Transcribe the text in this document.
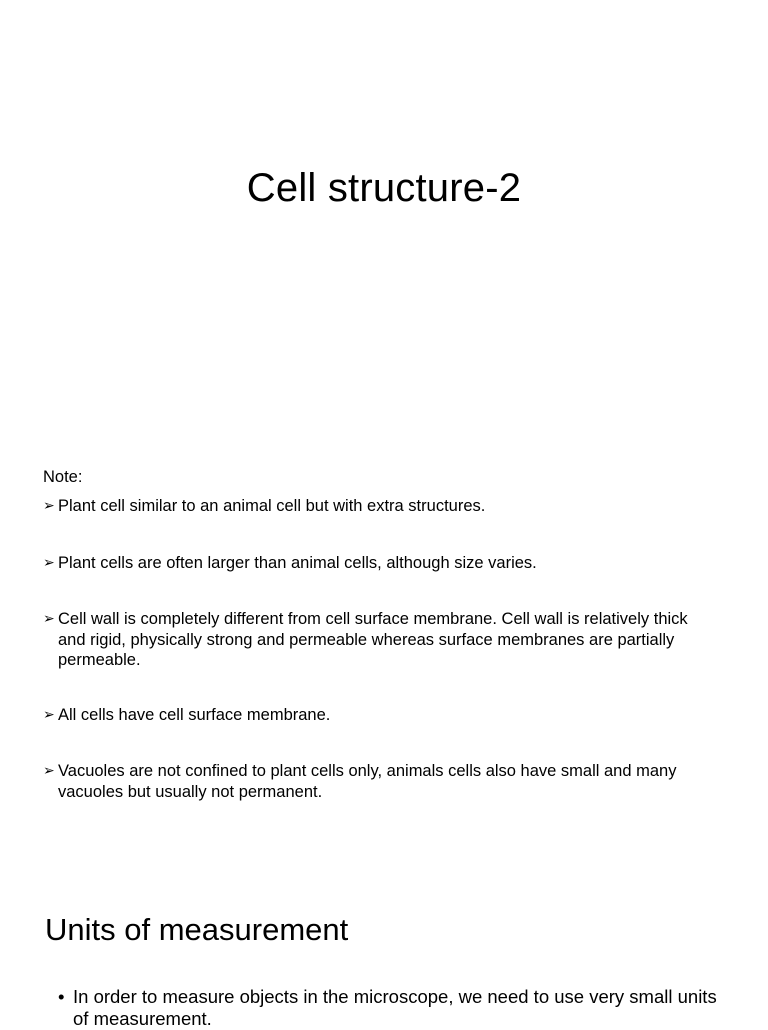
Cell structure-2

Note:

➢ Plant cell similar to an animal cell but with extra structures.

➢ Plant cells are often larger than animal cells, although size varies.

➢ Cell wall is completely different from cell surface membrane. Cell wall is relatively thick and rigid, physically strong and permeable whereas surface membranes are partially permeable.

➢ All cells have cell surface membrane.

➢ Vacuoles are not confined to plant cells only, animals cells also have small and many vacuoles but usually not permanent.

Units of measurement

• In order to measure objects in the microscope, we need to use very small units of measurement.
